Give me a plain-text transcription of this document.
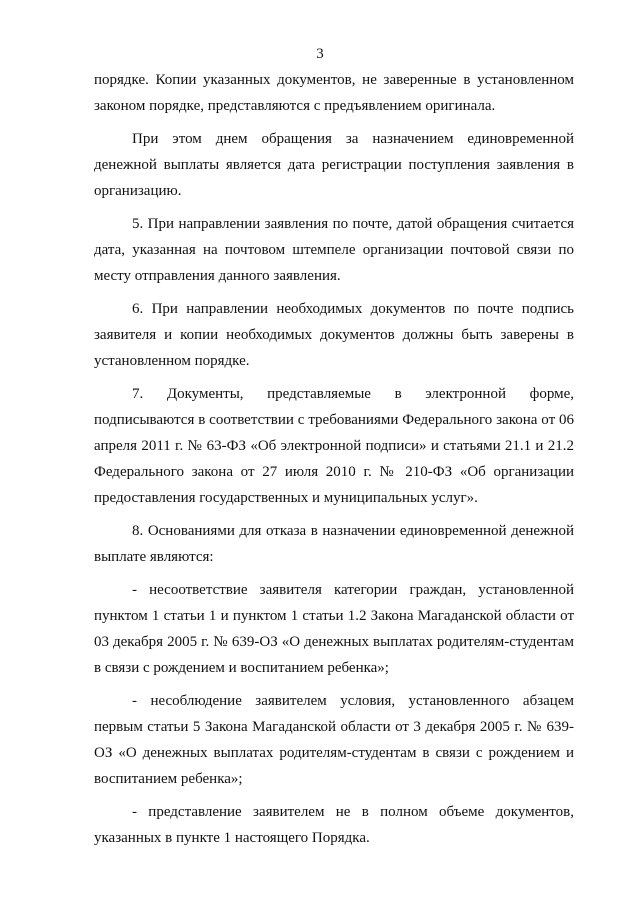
3

порядке. Копии указанных документов, не заверенные в установленном законом порядке, представляются с предъявлением оригинала.

При этом днем обращения за назначением единовременной денежной выплаты является дата регистрации поступления заявления в организацию.

5. При направлении заявления по почте, датой обращения считается дата, указанная на почтовом штемпеле организации почтовой связи по месту отправления данного заявления.

6. При направлении необходимых документов по почте подпись заявителя и копии необходимых документов должны быть заверены в установленном порядке.

7. Документы, представляемые в электронной форме, подписываются в соответствии с требованиями Федерального закона от 06 апреля 2011 г. № 63-ФЗ «Об электронной подписи» и статьями 21.1 и 21.2 Федерального закона от 27 июля 2010 г. № 210-ФЗ «Об организации предоставления государственных и муниципальных услуг».

8. Основаниями для отказа в назначении единовременной денежной выплате являются:

- несоответствие заявителя категории граждан, установленной пунктом 1 статьи 1 и пунктом 1 статьи 1.2 Закона Магаданской области от 03 декабря 2005 г. № 639-ОЗ «О денежных выплатах родителям-студентам в связи с рождением и воспитанием ребенка»;

- несоблюдение заявителем условия, установленного абзацем первым статьи 5 Закона Магаданской области от 3 декабря 2005 г. № 639-ОЗ «О денежных выплатах родителям-студентам в связи с рождением и воспитанием ребенка»;

- представление заявителем не в полном объеме документов, указанных в пункте 1 настоящего Порядка.
